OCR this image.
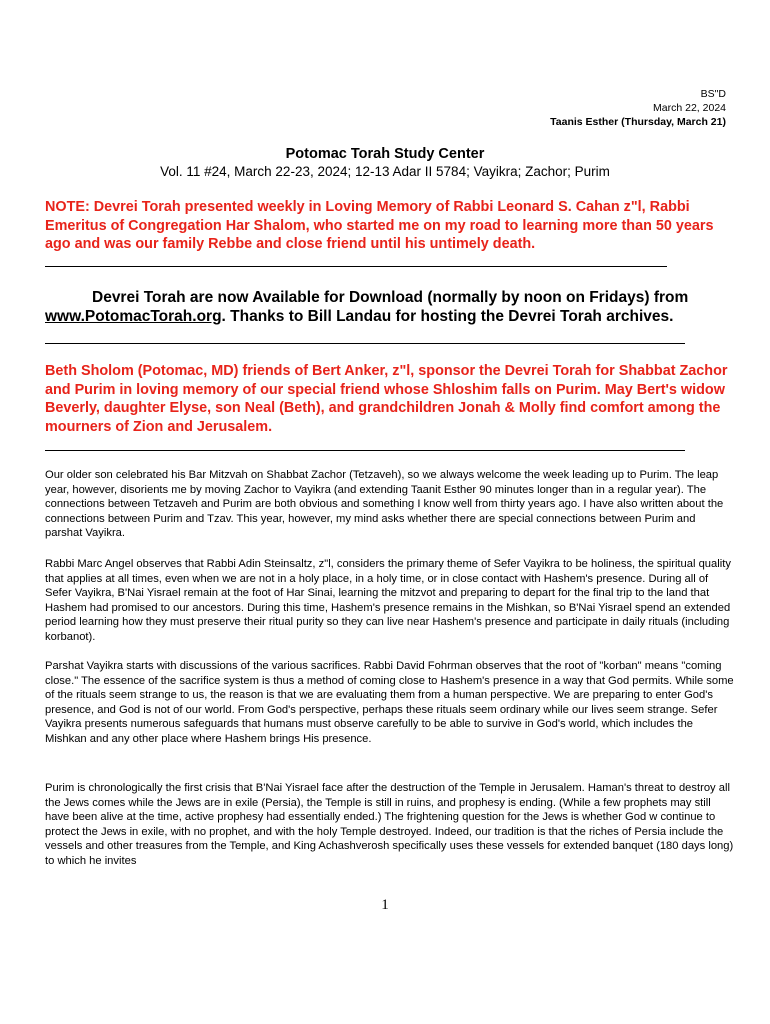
BS"D
March 22, 2024
Taanis Esther (Thursday, March 21)
Potomac Torah Study Center
Vol. 11 #24, March 22-23, 2024; 12-13 Adar II 5784; Vayikra; Zachor; Purim
NOTE: Devrei Torah presented weekly in Loving Memory of Rabbi Leonard S. Cahan z"l, Rabbi Emeritus of Congregation Har Shalom, who started me on my road to learning more than 50 years ago and was our family Rebbe and close friend until his untimely death.
Devrei Torah are now Available for Download (normally by noon on Fridays) from www.PotomacTorah.org. Thanks to Bill Landau for hosting the Devrei Torah archives.
Beth Sholom (Potomac, MD) friends of Bert Anker, z"l, sponsor the Devrei Torah for Shabbat Zachor and Purim in loving memory of our special friend whose Shloshim falls on Purim. May Bert's widow Beverly, daughter Elyse, son Neal (Beth), and grandchildren Jonah & Molly find comfort among the mourners of Zion and Jerusalem.
Our older son celebrated his Bar Mitzvah on Shabbat Zachor (Tetzaveh), so we always welcome the week leading up to Purim. The leap year, however, disorients me by moving Zachor to Vayikra (and extending Taanit Esther 90 minutes longer than in a regular year). The connections between Tetzaveh and Purim are both obvious and something I know well from thirty years ago. I have also written about the connections between Purim and Tzav. This year, however, my mind asks whether there are special connections between Purim and parshat Vayikra.
Rabbi Marc Angel observes that Rabbi Adin Steinsaltz, z"l, considers the primary theme of Sefer Vayikra to be holiness, the spiritual quality that applies at all times, even when we are not in a holy place, in a holy time, or in close contact with Hashem's presence. During all of Sefer Vayikra, B'Nai Yisrael remain at the foot of Har Sinai, learning the mitzvot and preparing to depart for the final trip to the land that Hashem had promised to our ancestors. During this time, Hashem's presence remains in the Mishkan, so B'Nai Yisrael spend an extended period learning how they must preserve their ritual purity so they can live near Hashem's presence and participate in daily rituals (including korbanot).
Parshat Vayikra starts with discussions of the various sacrifices. Rabbi David Fohrman observes that the root of "korban" means "coming close." The essence of the sacrifice system is thus a method of coming close to Hashem's presence in a way that God permits. While some of the rituals seem strange to us, the reason is that we are evaluating them from a human perspective. We are preparing to enter God's presence, and God is not of our world. From God's perspective, perhaps these rituals seem ordinary while our lives seem strange. Sefer Vayikra presents numerous safeguards that humans must observe carefully to be able to survive in God's world, which includes the Mishkan and any other place where Hashem brings His presence.
Purim is chronologically the first crisis that B'Nai Yisrael face after the destruction of the Temple in Jerusalem. Haman's threat to destroy all the Jews comes while the Jews are in exile (Persia), the Temple is still in ruins, and prophesy is ending. (While a few prophets may still have been alive at the time, active prophesy had essentially ended.) The frightening question for the Jews is whether God w continue to protect the Jews in exile, with no prophet, and with the holy Temple destroyed. Indeed, our tradition is that the riches of Persia include the vessels and other treasures from the Temple, and King Achashverosh specifically uses these vessels for extended banquet (180 days long) to which he invites
1
